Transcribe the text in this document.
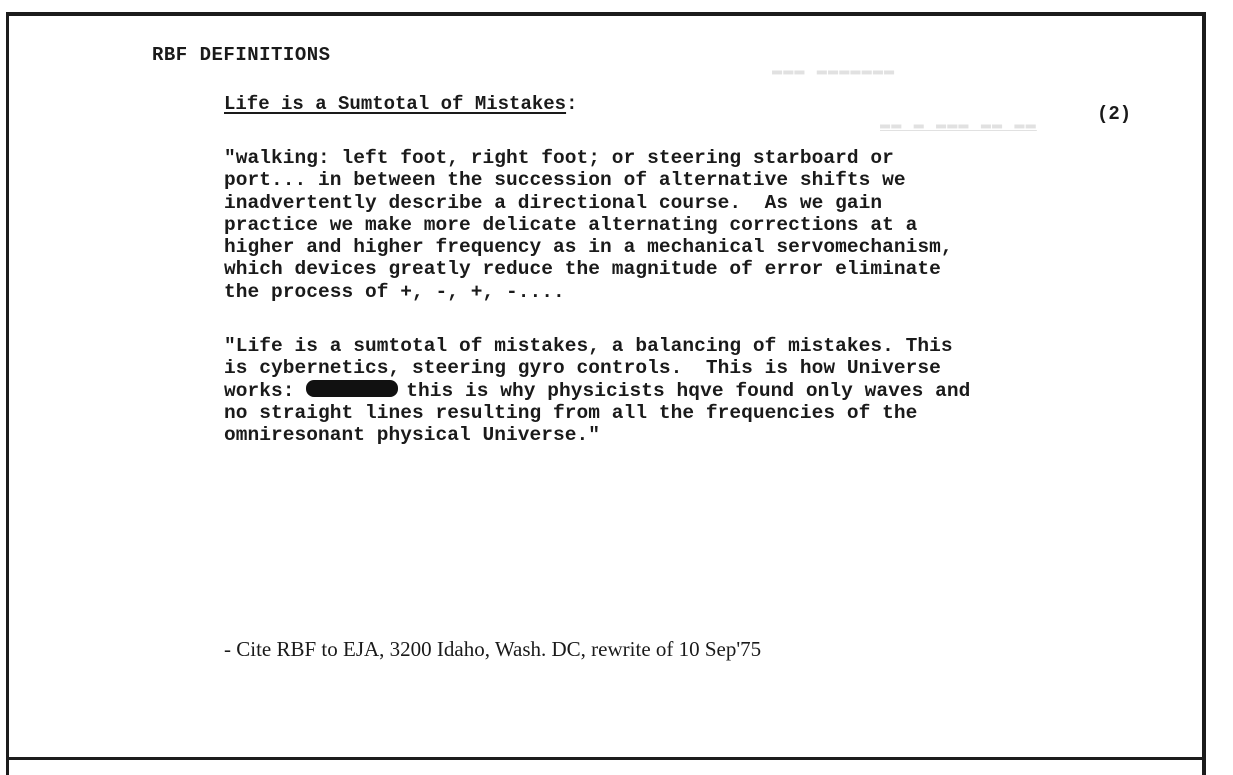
▬▬▬ ▬▬▬▬▬▬▬
▬▬ ▬ ▬▬▬ ▬▬ ▬▬
RBF DEFINITIONS
Life is a Sumtotal of Mistakes:	(2)
"walking: left foot, right foot; or steering starboard or
port... in between the succession of alternative shifts we
inadvertently describe a directional course.  As we gain
practice we make more delicate alternating corrections at a
higher and higher frequency as in a mechanical servomechanism,
which devices greatly reduce the magnitude of error eliminate
the process of +, -, +, -....
"Life is a sumtotal of mistakes, a balancing of mistakes. This
is cybernetics, steering gyro controls.  This is how Universe
works:	this is why physicists hqve found only waves and
no straight lines resulting from all the frequencies of the
omniresonant physical Universe."
- Cite RBF to EJA, 3200 Idaho, Wash. DC, rewrite of 10 Sep'75
